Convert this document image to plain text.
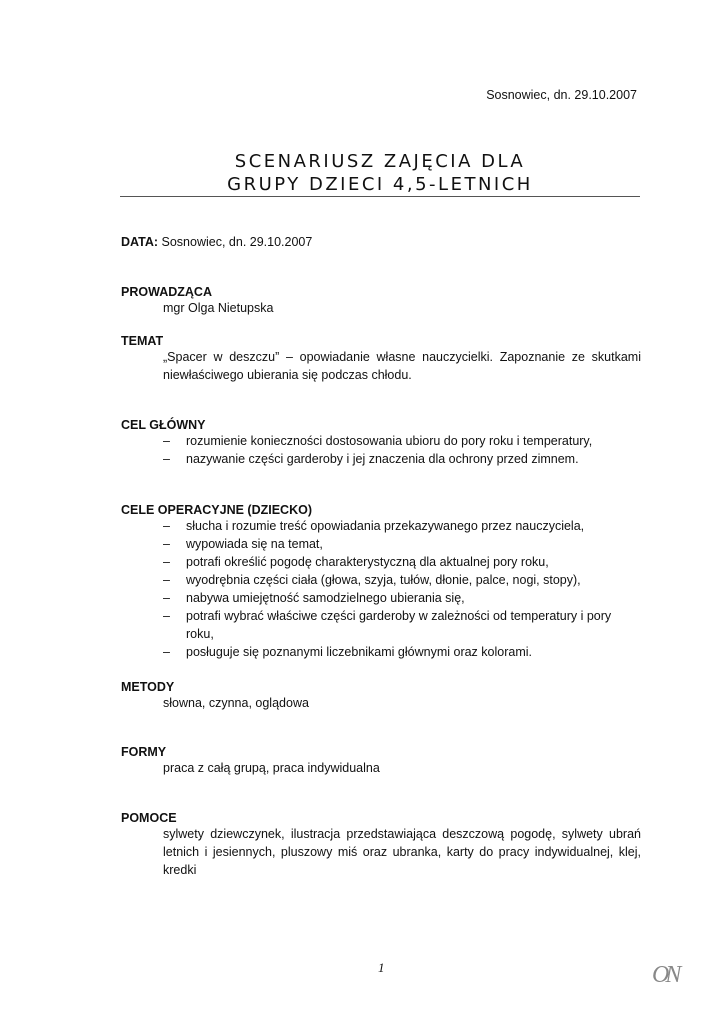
Sosnowiec, dn. 29.10.2007
SCENARIUSZ ZAJĘCIA DLA
GRUPY DZIECI 4,5-LETNICH
DATA: Sosnowiec, dn. 29.10.2007
PROWADZĄCA
mgr Olga Nietupska
TEMAT
„Spacer w deszczu” – opowiadanie własne nauczycielki. Zapoznanie ze skutkami niewłaściwego ubierania się podczas chłodu.
CEL GŁÓWNY
– rozumienie konieczności dostosowania ubioru do pory roku i temperatury,
– nazywanie części garderoby i jej znaczenia dla ochrony przed zimnem.
CELE OPERACYJNE (DZIECKO)
– słucha i rozumie treść opowiadania przekazywanego przez nauczyciela,
– wypowiada się na temat,
– potrafi określić pogodę charakterystyczną dla aktualnej pory roku,
– wyodrębnia części ciała (głowa, szyja, tułów, dłonie, palce, nogi, stopy),
– nabywa umiejętność samodzielnego ubierania się,
– potrafi wybrać właściwe części garderoby w zależności od temperatury i pory roku,
– posługuje się poznanymi liczebnikami głównymi oraz kolorami.
METODY
słowna, czynna, oglądowa
FORMY
praca z całą grupą, praca indywidualna
POMOCE
sylwety dziewczynek, ilustracja przedstawiająca deszczową pogodę, sylwety ubrań letnich i jesiennych, pluszowy miś oraz ubranka, karty do pracy indywidualnej, klej, kredki
1	ON
